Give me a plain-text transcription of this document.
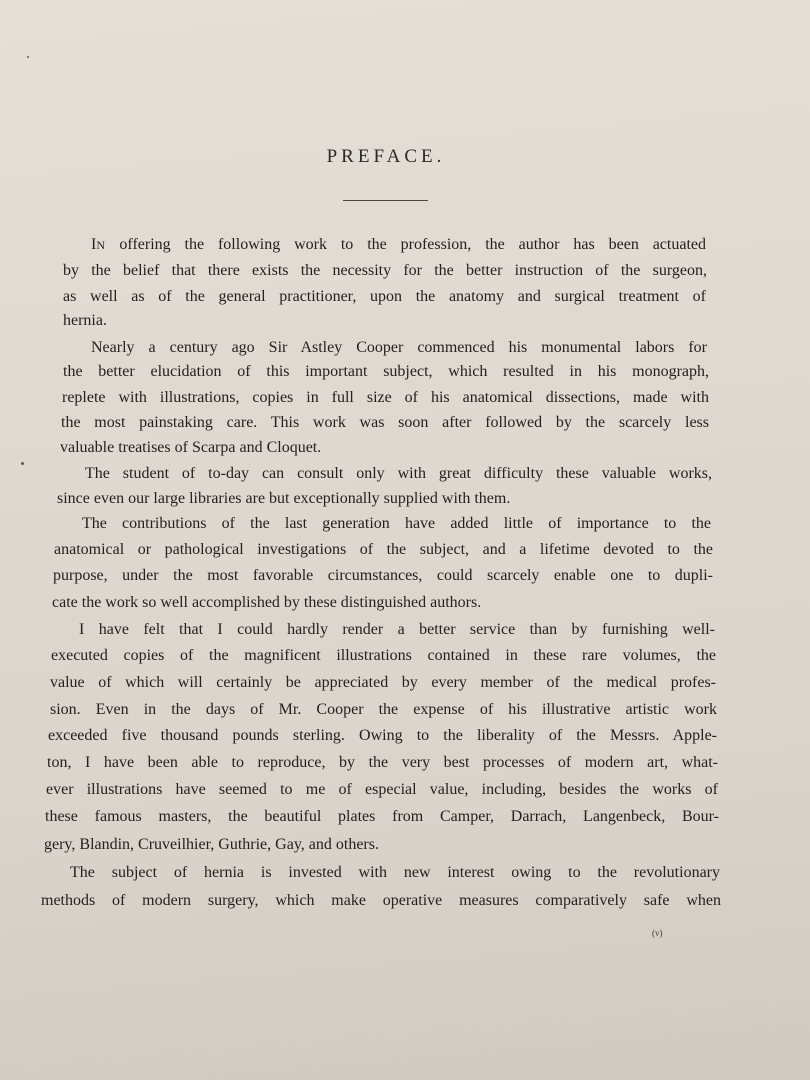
PREFACE.
IN offering the following work to the profession, the author has been actuated
by the belief that there exists the necessity for the better instruction of the surgeon,
as well as of the general practitioner, upon the anatomy and surgical treatment of
hernia.
Nearly a century ago Sir Astley Cooper commenced his monumental labors for
the better elucidation of this important subject, which resulted in his monograph,
replete with illustrations, copies in full size of his anatomical dissections, made with
the most painstaking care. This work was soon after followed by the scarcely less
valuable treatises of Scarpa and Cloquet.
The student of to-day can consult only with great difficulty these valuable works,
since even our large libraries are but exceptionally supplied with them.
The contributions of the last generation have added little of importance to the
anatomical or pathological investigations of the subject, and a lifetime devoted to the
purpose, under the most favorable circumstances, could scarcely enable one to dupli-
cate the work so well accomplished by these distinguished authors.
I have felt that I could hardly render a better service than by furnishing well-
executed copies of the magnificent illustrations contained in these rare volumes, the
value of which will certainly be appreciated by every member of the medical profes-
sion. Even in the days of Mr. Cooper the expense of his illustrative artistic work
exceeded five thousand pounds sterling. Owing to the liberality of the Messrs. Apple-
ton, I have been able to reproduce, by the very best processes of modern art, what-
ever illustrations have seemed to me of especial value, including, besides the works of
these famous masters, the beautiful plates from Camper, Darrach, Langenbeck, Bour-
gery, Blandin, Cruveilhier, Guthrie, Gay, and others.
The subject of hernia is invested with new interest owing to the revolutionary
methods of modern surgery, which make operative measures comparatively safe when
(v)
